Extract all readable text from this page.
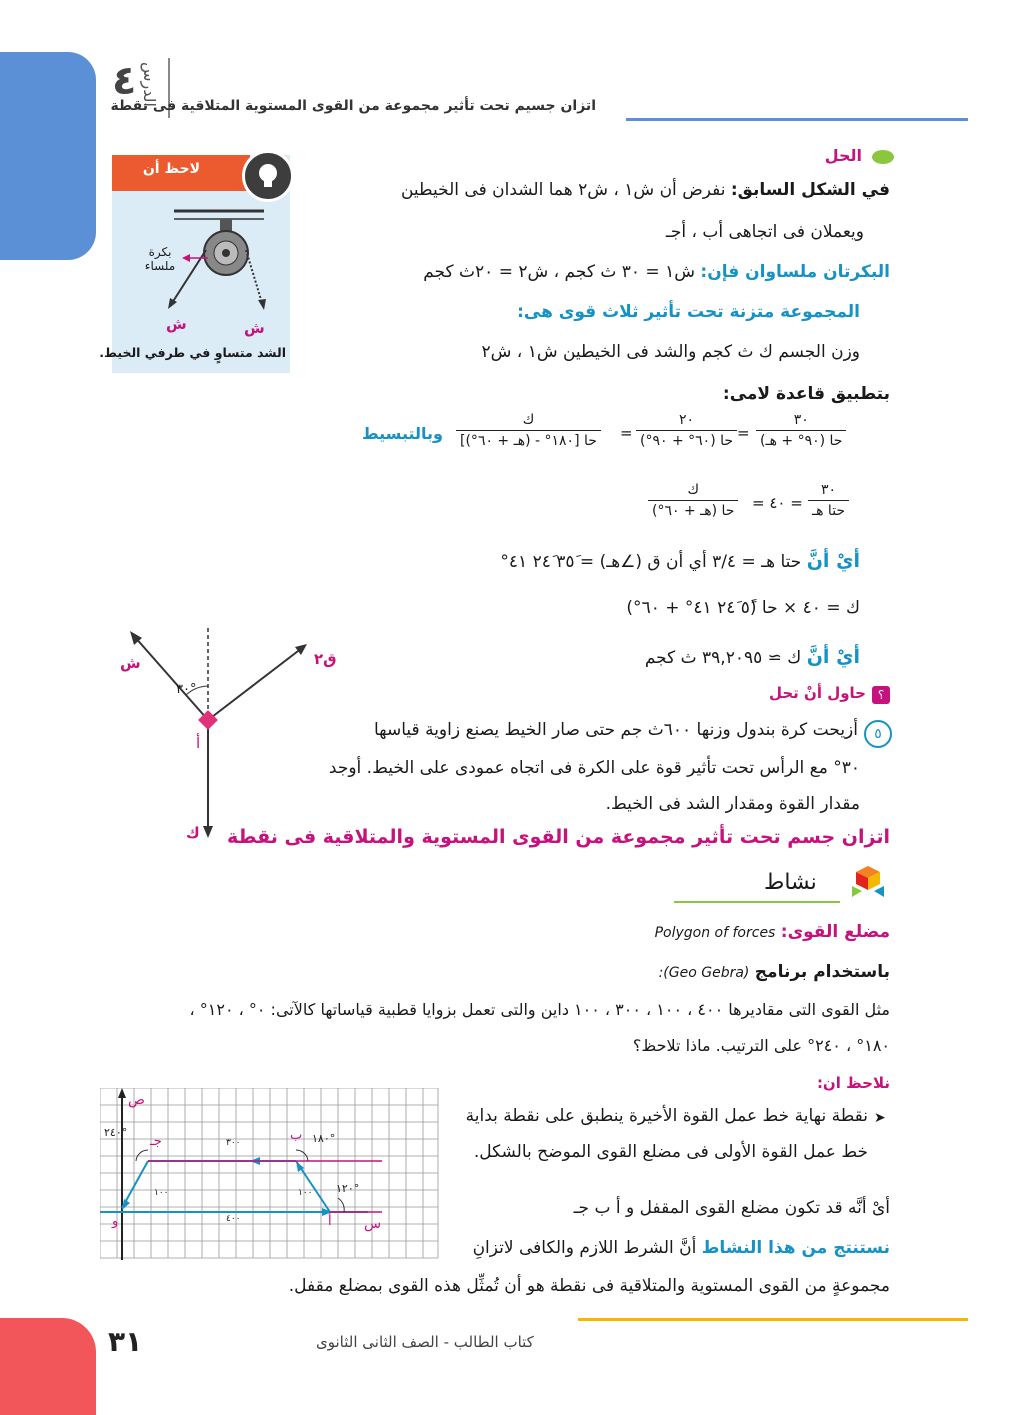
٤ الدرس
اتزان جسيم تحت تأثير مجموعة من القوى المستوية المتلاقية فى نقطة
لاحظ أن
بكرة ملساء
ش	ش
الشد متساوٍ في طرفي الخيط.
الحل
في الشكل السابق: نفرض أن ش١ ، ش٢ هما الشدان فى الخيطين
ويعملان فى اتجاهى أب ، أجـ
البكرتان ملساوان فإن: ش١ = ٣٠ ث كجم ، ش٢ = ٢٠ث كجم
المجموعة متزنة تحت تأثير ثلاث قوى هى:
وزن الجسم ك ث كجم والشد فى الخيطين ش١ ، ش٢
بتطبيق قاعدة لامى:
٣٠
حا (٩٠° + هـ)
=
٢٠
حا (٦٠° + ٩٠°)
=
ك
حا [١٨٠° - (هـ + ٦٠°)]
وبالتبسيط
٣٠
حتا هـ
= ٤٠ =
ك
حا (هـ + ٦٠°)
أيْ أنَّ حتا هـ = ٣/٤ أي أن ق (∠هـ) = ٣٥َ ٢٤َ ٤١°
ك = ٤٠ × حا (٥ً ٢٤َ ٤١° + ٦٠°)
أيْ أنَّ ك ≃ ٣٩,٢٠٩٥ ث كجم
ش	ق٢
٣٠°
أ
ك
؟
حاول أنْ تحل
٥
أزيحت كرة بندول وزنها ٦٠٠ث جم حتى صار الخيط يصنع زاوية قياسها
٣٠° مع الرأس تحت تأثير قوة على الكرة فى اتجاه عمودى على الخيط. أوجد
مقدار القوة ومقدار الشد فى الخيط.
اتزان جسم تحت تأثير مجموعة من القوى المستوية والمتلاقية فى نقطة
نشاط
مضلع القوى: Polygon of forces
باستخدام برنامج (Geo Gebra):
مثل القوى التى مقاديرها ٤٠٠ ، ١٠٠ ، ٣٠٠ ، ١٠٠ داين والتى تعمل بزوايا قطبية قياساتها كالآتى: ٠° ، ١٢٠° ،
١٨٠° ، ٢٤٠° على الترتيب. ماذا تلاحظ؟
نلاحظ ان:
➤
نقطة نهاية خط عمل القوة الأخيرة ينطبق على نقطة بداية
خط عمل القوة الأولى فى مضلع القوى الموضح بالشكل.
أىْ أنَّه قد تكون مضلع القوى المقفل و أ ب جـ
نستنتج من هذا النشاط أنَّ الشرط اللازم والكافى لاتزانِ
مجموعةٍ من القوى المستوية والمتلاقية فى نقطة هو أن تُمثِّل هذه القوى بمضلع مقفل.
ص
س
و	أ
ب
جـ
٢٤٠°	١٨٠°
١٢٠°
٣٠٠
١٠٠	١٠٠
٤٠٠
٣١	كتاب الطالب - الصف الثانى الثانوى
